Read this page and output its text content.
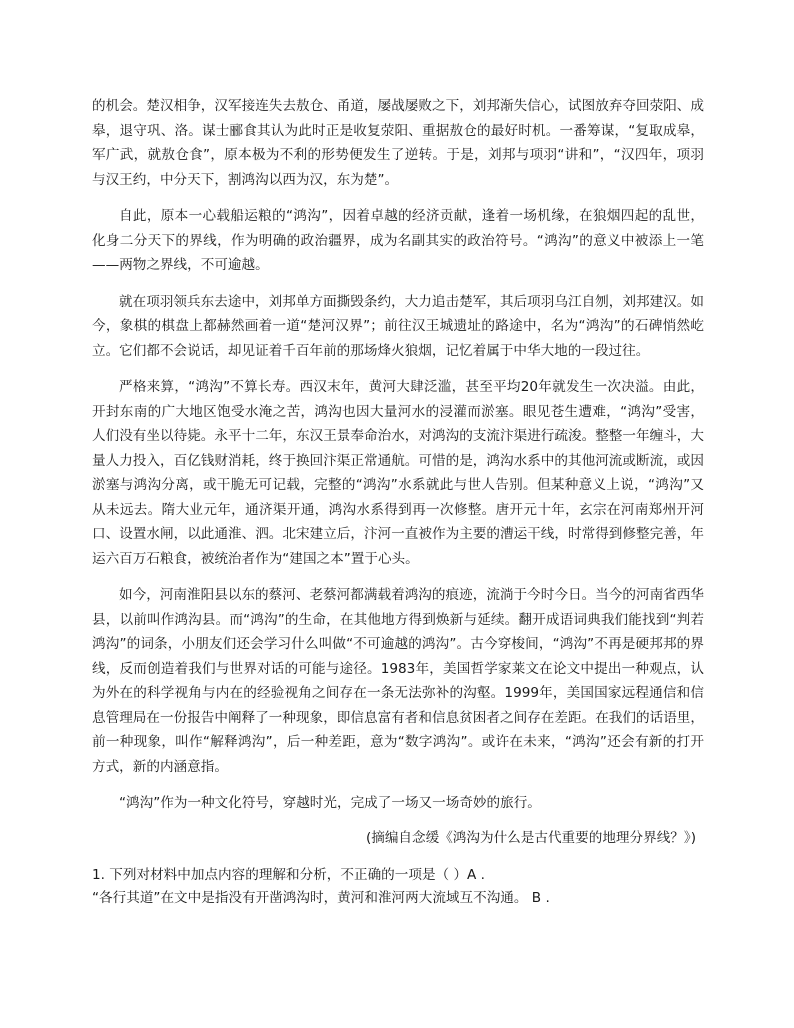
的机会。楚汉相争，汉军接连失去敖仓、甬道，屡战屡败之下，刘邦渐失信心，试图放弃夺回荥阳、成皋，退守巩、洛。谋士郦食其认为此时正是收复荥阳、重据敖仓的最好时机。一番筹谋，“复取成皋，军广武，就敖仓食”，原本极为不利的形势便发生了逆转。于是，刘邦与项羽“讲和”，“汉四年，项羽与汉王约，中分天下，割鸿沟以西为汉，东为楚”。

自此，原本一心载船运粮的“鸿沟”，因着卓越的经济贡献，逢着一场机缘，在狼烟四起的乱世，化身二分天下的界线，作为明确的政治疆界，成为名副其实的政治符号。“鸿沟”的意义中被添上一笔——两物之界线，不可逾越。

就在项羽领兵东去途中，刘邦单方面撕毁条约，大力追击楚军，其后项羽乌江自刎，刘邦建汉。如今，象棋的棋盘上都赫然画着一道“楚河汉界”；前往汉王城遗址的路途中，名为“鸿沟”的石碑悄然屹立。它们都不会说话，却见证着千百年前的那场烽火狼烟，记忆着属于中华大地的一段过往。

严格来算，“鸿沟”不算长寿。西汉末年，黄河大肆泛滥，甚至平均20年就发生一次决溢。由此，开封东南的广大地区饱受水淹之苦，鸿沟也因大量河水的浸灌而淤塞。眼见苍生遭难，“鸿沟”受害，人们没有坐以待毙。永平十二年，东汉王景奉命治水，对鸿沟的支流汴渠进行疏浚。整整一年缠斗，大量人力投入，百亿钱财消耗，终于换回汴渠正常通航。可惜的是，鸿沟水系中的其他河流或断流，或因淤塞与鸿沟分离，或干脆无可记载，完整的“鸿沟”水系就此与世人告别。但某种意义上说，“鸿沟”又从未远去。隋大业元年，通济渠开通，鸿沟水系得到再一次修整。唐开元十年，玄宗在河南郑州开河口、设置水闸，以此通淮、泗。北宋建立后，汴河一直被作为主要的漕运干线，时常得到修整完善，年运六百万石粮食，被统治者作为“建国之本”置于心头。

如今，河南淮阳县以东的蔡河、老蔡河都满载着鸿沟的痕迹，流淌于今时今日。当今的河南省西华县，以前叫作鸿沟县。而“鸿沟”的生命，在其他地方得到焕新与延续。翻开成语词典我们能找到“判若鸿沟”的词条，小朋友们还会学习什么叫做“不可逾越的鸿沟”。古今穿梭间，“鸿沟”不再是硬邦邦的界线，反而创造着我们与世界对话的可能与途径。1983年，美国哲学家莱文在论文中提出一种观点，认为外在的科学视角与内在的经验视角之间存在一条无法弥补的沟壑。1999年，美国国家远程通信和信息管理局在一份报告中阐释了一种现象，即信息富有者和信息贫困者之间存在差距。在我们的话语里，前一种现象，叫作“解释鸿沟”，后一种差距，意为“数字鸿沟”。或许在未来，“鸿沟”还会有新的打开方式，新的内涵意指。

“鸿沟”作为一种文化符号，穿越时光，完成了一场又一场奇妙的旅行。

(摘编自念缓《鸿沟为什么是古代重要的地理分界线？》)

1. 下列对材料中加点内容的理解和分析，不正确的一项是（ ）A .

“各行其道”在文中是指没有开凿鸿沟时，黄河和淮河两大流域互不沟通。 B .
